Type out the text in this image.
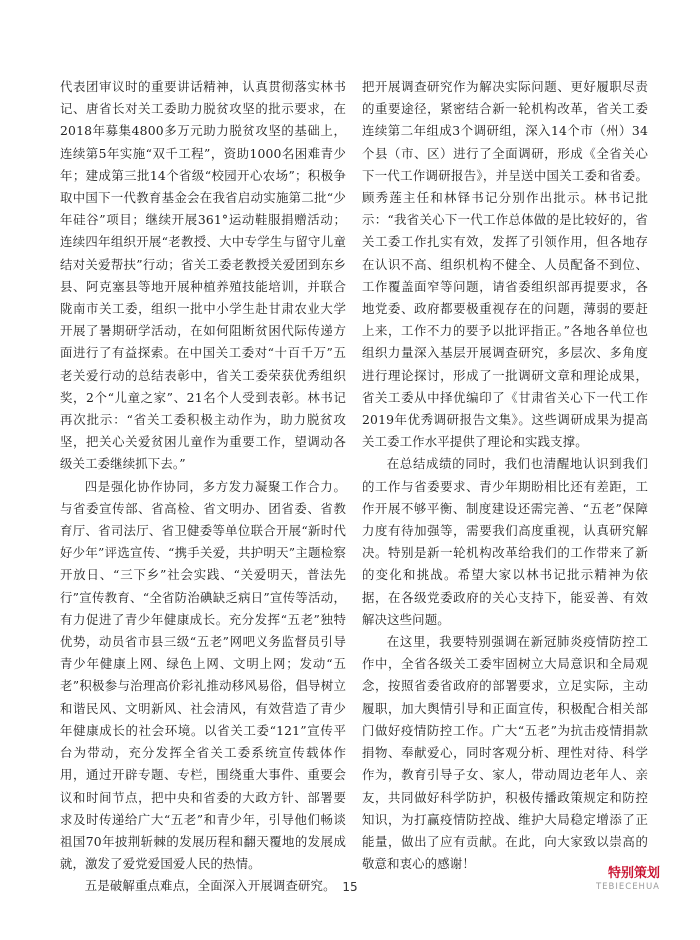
代表团审议时的重要讲话精神，认真贯彻落实林书记、唐省长对关工委助力脱贫攻坚的批示要求，在2018年募集4800多万元助力脱贫攻坚的基础上，连续第5年实施“双千工程”，资助1000名困难青少年；建成第三批14个省级“校园开心农场”；积极争取中国下一代教育基金会在我省启动实施第二批“少年硅谷”项目；继续开展361°运动鞋服捐赠活动；连续四年组织开展“老教授、大中专学生与留守儿童结对关爱帮扶”行动；省关工委老教授关爱团到东乡县、阿克塞县等地开展种植养殖技能培训，并联合陇南市关工委，组织一批中小学生赴甘肃农业大学开展了暑期研学活动，在如何阻断贫困代际传递方面进行了有益探索。在中国关工委对“十百千万”五老关爱行动的总结表彰中，省关工委荣获优秀组织奖，2个“儿童之家”、21名个人受到表彰。林书记再次批示：“省关工委积极主动作为，助力脱贫攻坚，把关心关爱贫困儿童作为重要工作，望调动各级关工委继续抓下去。”

四是强化协作协同，多方发力凝聚工作合力。与省委宣传部、省高检、省文明办、团省委、省教育厅、省司法厅、省卫健委等单位联合开展“新时代好少年”评选宣传、“携手关爱，共护明天”主题检察开放日、“三下乡”社会实践、“关爱明天，普法先行”宣传教育、“全省防治碘缺乏病日”宣传等活动，有力促进了青少年健康成长。充分发挥“五老”独特优势，动员省市县三级“五老”网吧义务监督员引导青少年健康上网、绿色上网、文明上网；发动“五老”积极参与治理高价彩礼推动移风易俗，倡导树立和谐民风、文明新风、社会清风，有效营造了青少年健康成长的社会环境。以省关工委“121”宣传平台为带动，充分发挥全省关工委系统宣传载体作用，通过开辟专题、专栏，围绕重大事件、重要会议和时间节点，把中央和省委的大政方针、部署要求及时传递给广大“五老”和青少年，引导他们畅谈祖国70年披荆斩棘的发展历程和翻天覆地的发展成就，激发了爱党爱国爱人民的热情。

五是破解重点难点，全面深入开展调查研究。

把开展调查研究作为解决实际问题、更好履职尽责的重要途径，紧密结合新一轮机构改革，省关工委连续第二年组成3个调研组，深入14个市（州）34个县（市、区）进行了全面调研，形成《全省关心下一代工作调研报告》，并呈送中国关工委和省委。顾秀莲主任和林铎书记分别作出批示。林书记批示：“我省关心下一代工作总体做的是比较好的，省关工委工作扎实有效，发挥了引领作用，但各地存在认识不高、组织机构不健全、人员配备不到位、工作覆盖面窄等问题，请省委组织部再提要求，各地党委、政府都要极重视存在的问题，薄弱的要赶上来，工作不力的要予以批评指正。”各地各单位也组织力量深入基层开展调查研究，多层次、多角度进行理论探讨，形成了一批调研文章和理论成果，省关工委从中择优编印了《甘肃省关心下一代工作2019年优秀调研报告文集》。这些调研成果为提高关工委工作水平提供了理论和实践支撑。

在总结成绩的同时，我们也清醒地认识到我们的工作与省委要求、青少年期盼相比还有差距，工作开展不够平衡、制度建设还需完善、“五老”保障力度有待加强等，需要我们高度重视，认真研究解决。特别是新一轮机构改革给我们的工作带来了新的变化和挑战。希望大家以林书记批示精神为依据，在各级党委政府的关心支持下，能妥善、有效解决这些问题。

在这里，我要特别强调在新冠肺炎疫情防控工作中，全省各级关工委牢固树立大局意识和全局观念，按照省委省政府的部署要求，立足实际，主动履职，加大舆情引导和正面宣传，积极配合相关部门做好疫情防控工作。广大“五老”为抗击疫情捐款捐物、奉献爱心，同时客观分析、理性对待、科学作为，教育引导子女、家人，带动周边老年人、亲友，共同做好科学防护，积极传播政策规定和防控知识，为打赢疫情防控战、维护大局稳定增添了正能量，做出了应有贡献。在此，向大家致以崇高的敬意和衷心的感谢！

15
特别策划
TEBIECEHUA
